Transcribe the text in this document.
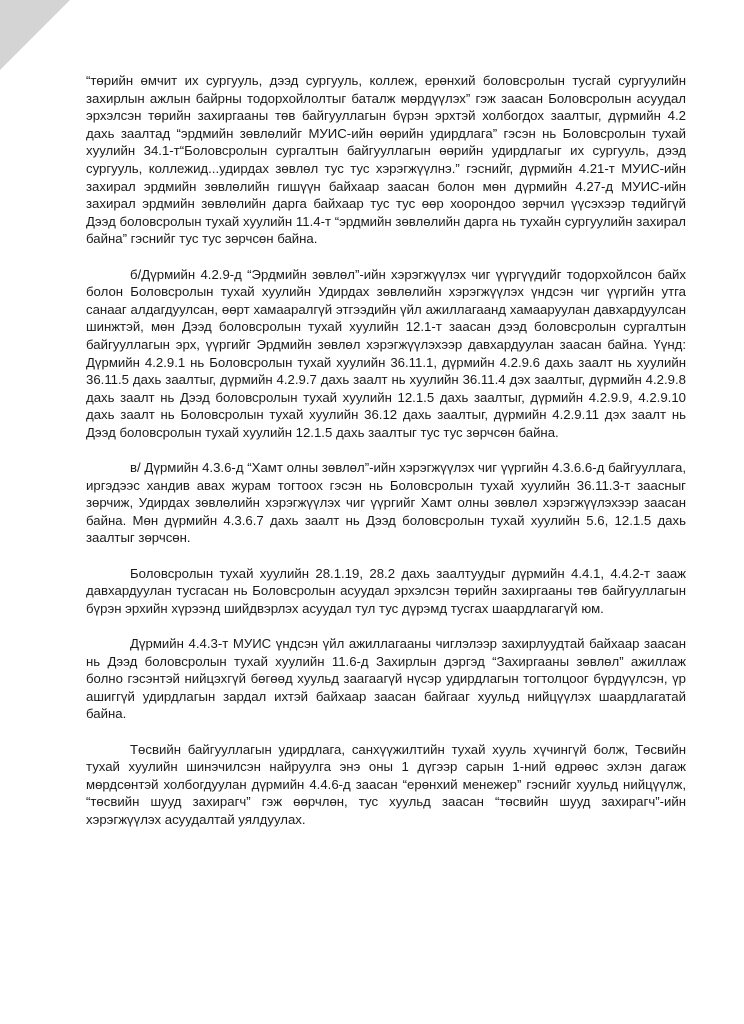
“төрийн өмчит их сургууль, дээд сургууль, коллеж, ерөнхий боловсролын тусгай сургуулийн захирлын ажлын байрны тодорхойлолтыг баталж мөрдүүлэх” гэж заасан Боловсролын асуудал эрхэлсэн төрийн захиргааны төв байгууллагын бүрэн эрхтэй холбогдох заалтыг, дүрмийн 4.2 дахь заалтад “эрдмийн зөвлөлийг МУИС-ийн өөрийн удирдлага” гэсэн нь Боловсролын тухай хуулийн 34.1-т“Боловсролын сургалтын байгууллагын өөрийн удирдлагыг их сургууль, дээд сургууль, коллежид...удирдах зөвлөл тус тус хэрэгжүүлнэ.” гэснийг, дүрмийн 4.21-т МУИС-ийн захирал эрдмийн зөвлөлийн гишүүн байхаар заасан болон мөн дүрмийн 4.27-д МУИС-ийн захирал эрдмийн зөвлөлийн дарга байхаар тус тус өөр хоорондоо зөрчил үүсэхээр төдийгүй Дээд боловсролын тухай хуулийн 11.4-т “эрдмийн зөвлөлийн дарга нь тухайн сургуулийн захирал байна” гэснийг тус тус зөрчсөн байна.

б/Дүрмийн 4.2.9-д “Эрдмийн зөвлөл”-ийн хэрэгжүүлэх чиг үүргүүдийг тодорхойлсон байх болон Боловсролын тухай хуулийн Удирдах зөвлөлийн хэрэгжүүлэх үндсэн чиг үүргийн утга санааг алдагдуулсан, өөрт хамааралгүй этгээдийн үйл ажиллагаанд хамааруулан давхардуулсан шинжтэй, мөн Дээд боловсролын тухай хуулийн 12.1-т заасан дээд боловсролын сургалтын байгууллагын эрх, үүргийг Эрдмийн зөвлөл хэрэгжүүлэхээр давхардуулан заасан байна. Үүнд: Дүрмийн 4.2.9.1 нь Боловсролын тухай хуулийн 36.11.1, дүрмийн 4.2.9.6 дахь заалт нь хуулийн 36.11.5 дахь заалтыг, дүрмийн 4.2.9.7 дахь заалт нь хуулийн 36.11.4 дэх заалтыг, дүрмийн 4.2.9.8 дахь заалт нь Дээд боловсролын тухай хуулийн 12.1.5 дахь заалтыг, дүрмийн 4.2.9.9, 4.2.9.10 дахь заалт нь Боловсролын тухай хуулийн 36.12 дахь заалтыг, дүрмийн 4.2.9.11 дэх заалт нь Дээд боловсролын тухай хуулийн 12.1.5 дахь заалтыг тус тус зөрчсөн байна.

в/ Дүрмийн 4.3.6-д “Хамт олны зөвлөл”-ийн хэрэгжүүлэх чиг үүргийн 4.3.6.6-д байгууллага, иргэдээс хандив авах журам тогтоох гэсэн нь Боловсролын тухай хуулийн 36.11.3-т заасныг зөрчиж, Удирдах зөвлөлийн хэрэгжүүлэх чиг үүргийг Хамт олны зөвлөл хэрэгжүүлэхээр заасан байна. Мөн дүрмийн 4.3.6.7 дахь заалт нь Дээд боловсролын тухай хуулийн 5.6, 12.1.5 дахь заалтыг зөрчсөн.

Боловсролын тухай хуулийн 28.1.19, 28.2 дахь заалтуудыг дүрмийн 4.4.1, 4.4.2-т зааж давхардуулан тусгасан нь Боловсролын асуудал эрхэлсэн төрийн захиргааны төв байгууллагын бүрэн эрхийн хүрээнд шийдвэрлэх асуудал тул тус дүрэмд тусгах шаардлагагүй юм.

Дүрмийн 4.4.3-т МУИС үндсэн үйл ажиллагааны чиглэлээр захирлуудтай байхаар заасан нь Дээд боловсролын тухай хуулийн 11.6-д Захирлын дэргэд “Захиргааны зөвлөл” ажиллаж болно гэсэнтэй нийцэхгүй бөгөөд хуульд заагаагүй нүсэр удирдлагын тогтолцоог бүрдүүлсэн, үр ашиггүй удирдлагын зардал ихтэй байхаар заасан байгааг хуульд нийцүүлэх шаардлагатай байна.

Төсвийн байгууллагын удирдлага, санхүүжилтийн тухай хууль хүчингүй болж, Төсвийн тухай хуулийн шинэчилсэн найруулга энэ оны 1 дүгээр сарын 1-ний өдрөөс эхлэн дагаж мөрдсөнтэй холбогдуулан дүрмийн 4.4.6-д заасан “ерөнхий менежер” гэснийг хуульд нийцүүлж, “төсвийн шууд захирагч” гэж өөрчлөн, тус хуульд заасан “төсвийн шууд захирагч”-ийн хэрэгжүүлэх асуудалтай уялдуулах.
